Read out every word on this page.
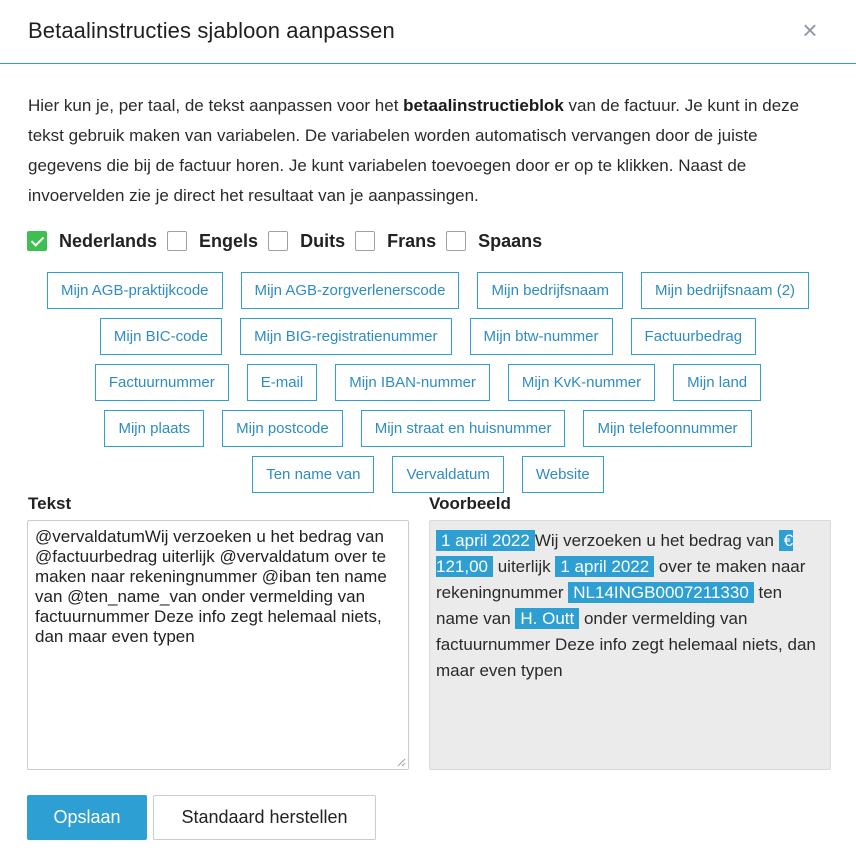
Betaalinstructies sjabloon aanpassen	×

Hier kun je, per taal, de tekst aanpassen voor het betaalinstructieblok van de factuur. Je kunt in deze tekst gebruik maken van variabelen. De variabelen worden automatisch vervangen door de juiste gegevens die bij de factuur horen. Je kunt variabelen toevoegen door er op te klikken. Naast de invoervelden zie je direct het resultaat van je aanpassingen.

Nederlands Engels Duits Frans Spaans
Mijn AGB-praktijkcode	Mijn AGB-zorgverlenerscode	Mijn bedrijfsnaam	Mijn bedrijfsnaam (2)
Mijn BIC-code	Mijn BIG-registratienummer	Mijn btw-nummer	Factuurbedrag
Factuurnummer	E-mail	Mijn IBAN-nummer	Mijn KvK-nummer	Mijn land
Mijn plaats	Mijn postcode	Mijn straat en huisnummer	Mijn telefoonnummer
Ten name van	Vervaldatum	Website
Tekst	Voorbeeld
@vervaldatumWij verzoeken u het bedrag van @factuurbedrag uiterlijk @vervaldatum over te maken naar rekeningnummer @iban ten name van @ten_name_van onder vermelding van factuurnummer Deze info zegt helemaal niets, dan maar even typen
1 april 2022 Wij verzoeken u het bedrag van € 121,00 uiterlijk 1 april 2022 over te maken naar rekeningnummer NL14INGB0007211330 ten name van H. Outt onder vermelding van factuurnummer Deze info zegt helemaal niets, dan maar even typen
Opslaan	Standaard herstellen
